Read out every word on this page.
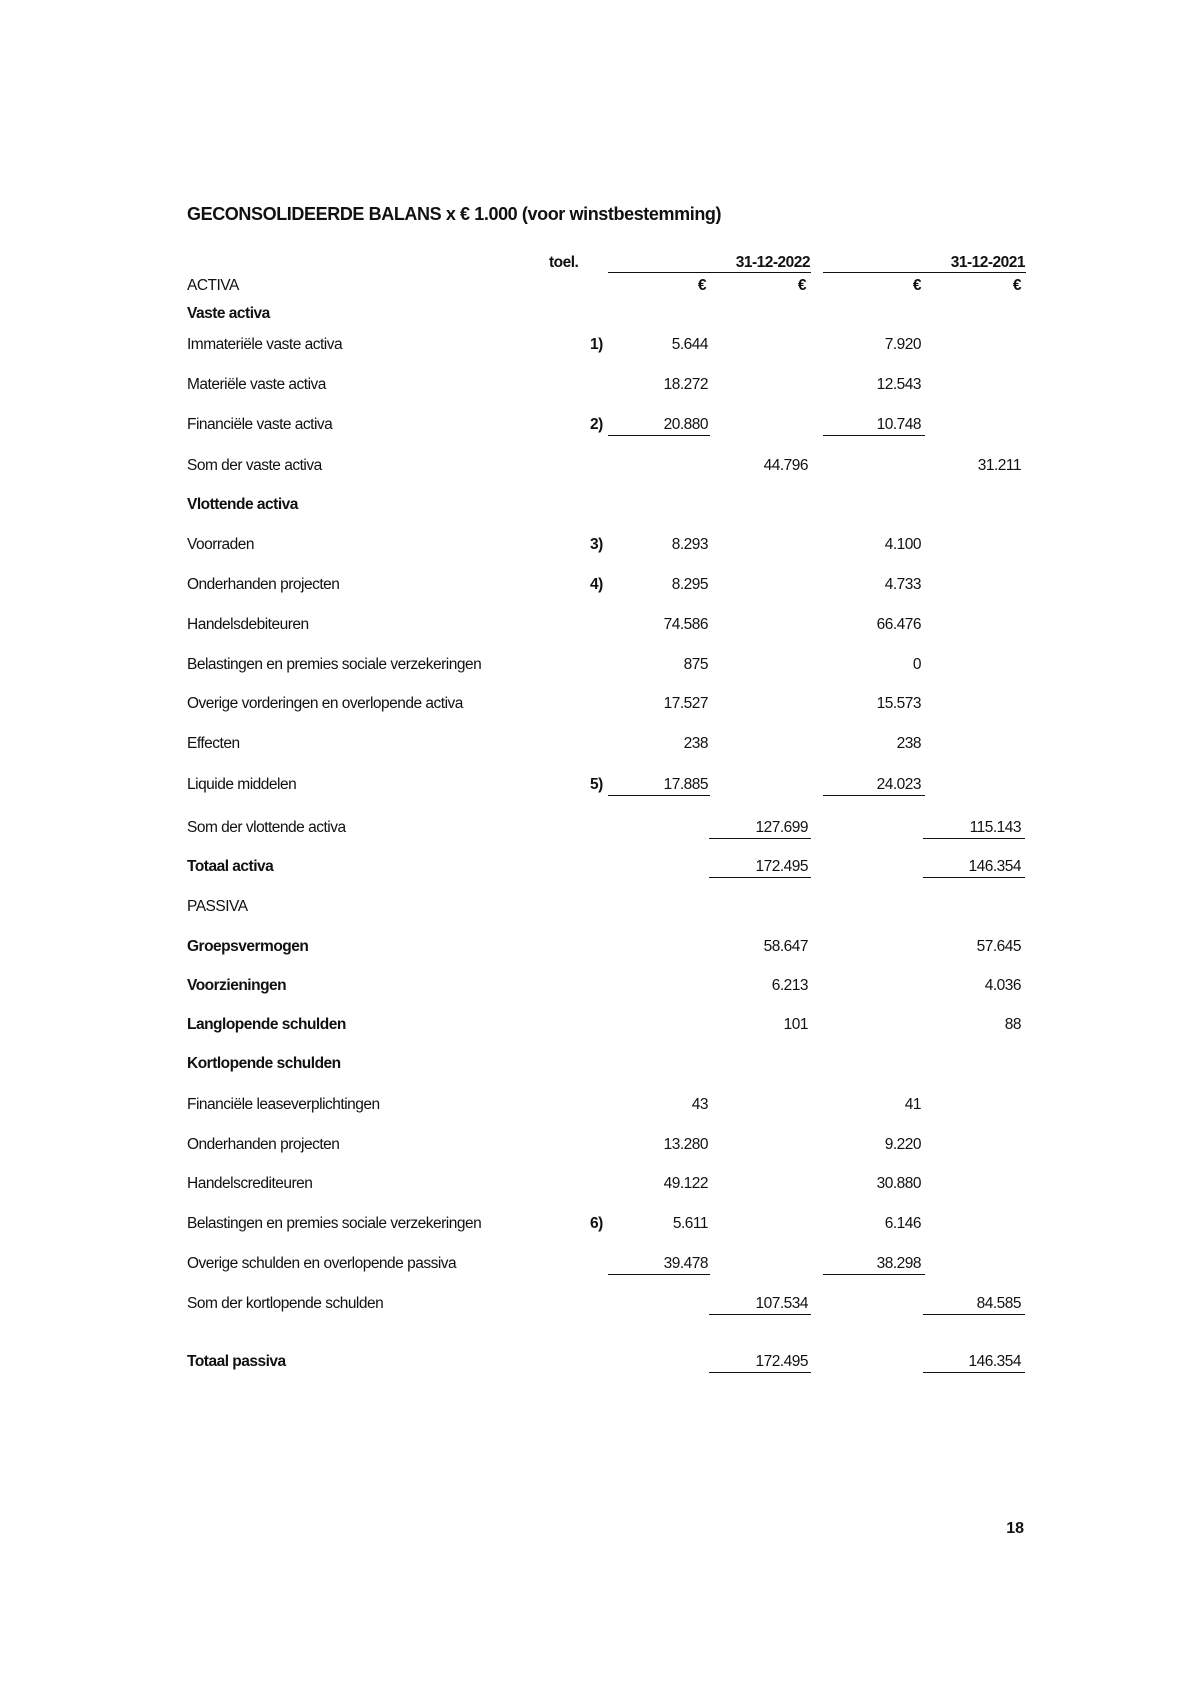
GECONSOLIDEERDE BALANS x € 1.000 (voor winstbestemming)
toel.	31-12-2022	31-12-2021
€	€	€	€
ACTIVA
Vaste activa
Immateriële vaste activa	1)	5.644	7.920
Materiële vaste activa	18.272	12.543
Financiële vaste activa	2)	20.880	10.748
Som der vaste activa	44.796	31.211
Vlottende activa
Voorraden	3)	8.293	4.100
Onderhanden projecten	4)	8.295	4.733
Handelsdebiteuren	74.586	66.476
Belastingen en premies sociale verzekeringen	875	0
Overige vorderingen en overlopende activa	17.527	15.573
Effecten	238	238
Liquide middelen	5)	17.885	24.023
Som der vlottende activa	127.699	115.143
Totaal activa	172.495	146.354
PASSIVA
Groepsvermogen	58.647	57.645
Voorzieningen	6.213	4.036
Langlopende schulden	101	88
Kortlopende schulden
Financiële leaseverplichtingen	43	41
Onderhanden projecten	13.280	9.220
Handelscrediteuren	49.122	30.880
Belastingen en premies sociale verzekeringen	6)	5.611	6.146
Overige schulden en overlopende passiva	39.478	38.298
Som der kortlopende schulden	107.534	84.585
Totaal passiva	172.495	146.354
18
